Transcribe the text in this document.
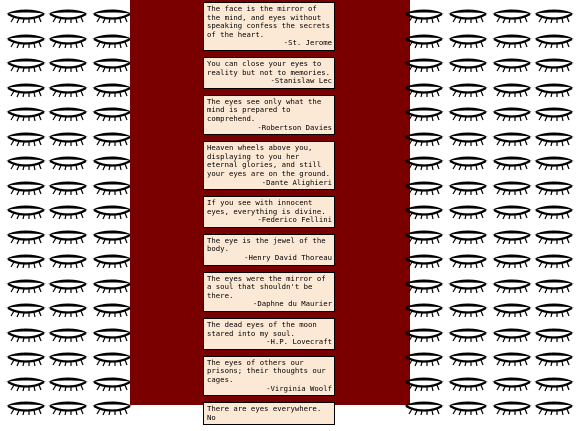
The face is the mirror of the mind, and eyes without speaking confess the secrets of the heart.
-St. Jerome
You can close your eyes to reality but not to memories.
-Stanislaw Lec
The eyes see only what the mind is prepared to comprehend.
-Robertson Davies
Heaven wheels above you, displaying to you her eternal glories, and still your eyes are on the ground.
-Dante Alighieri
If you see with innocent eyes, everything is divine.
-Federico Fellini
The eye is the jewel of the body.
-Henry David Thoreau
The eyes were the mirror of a soul that shouldn't be there.
-Daphne du Maurier
The dead eyes of the moon stared into my soul.
-H.P. Lovecraft
The eyes of others our prisons; their thoughts our cages.
-Virginia Woolf
There are eyes everywhere. No
